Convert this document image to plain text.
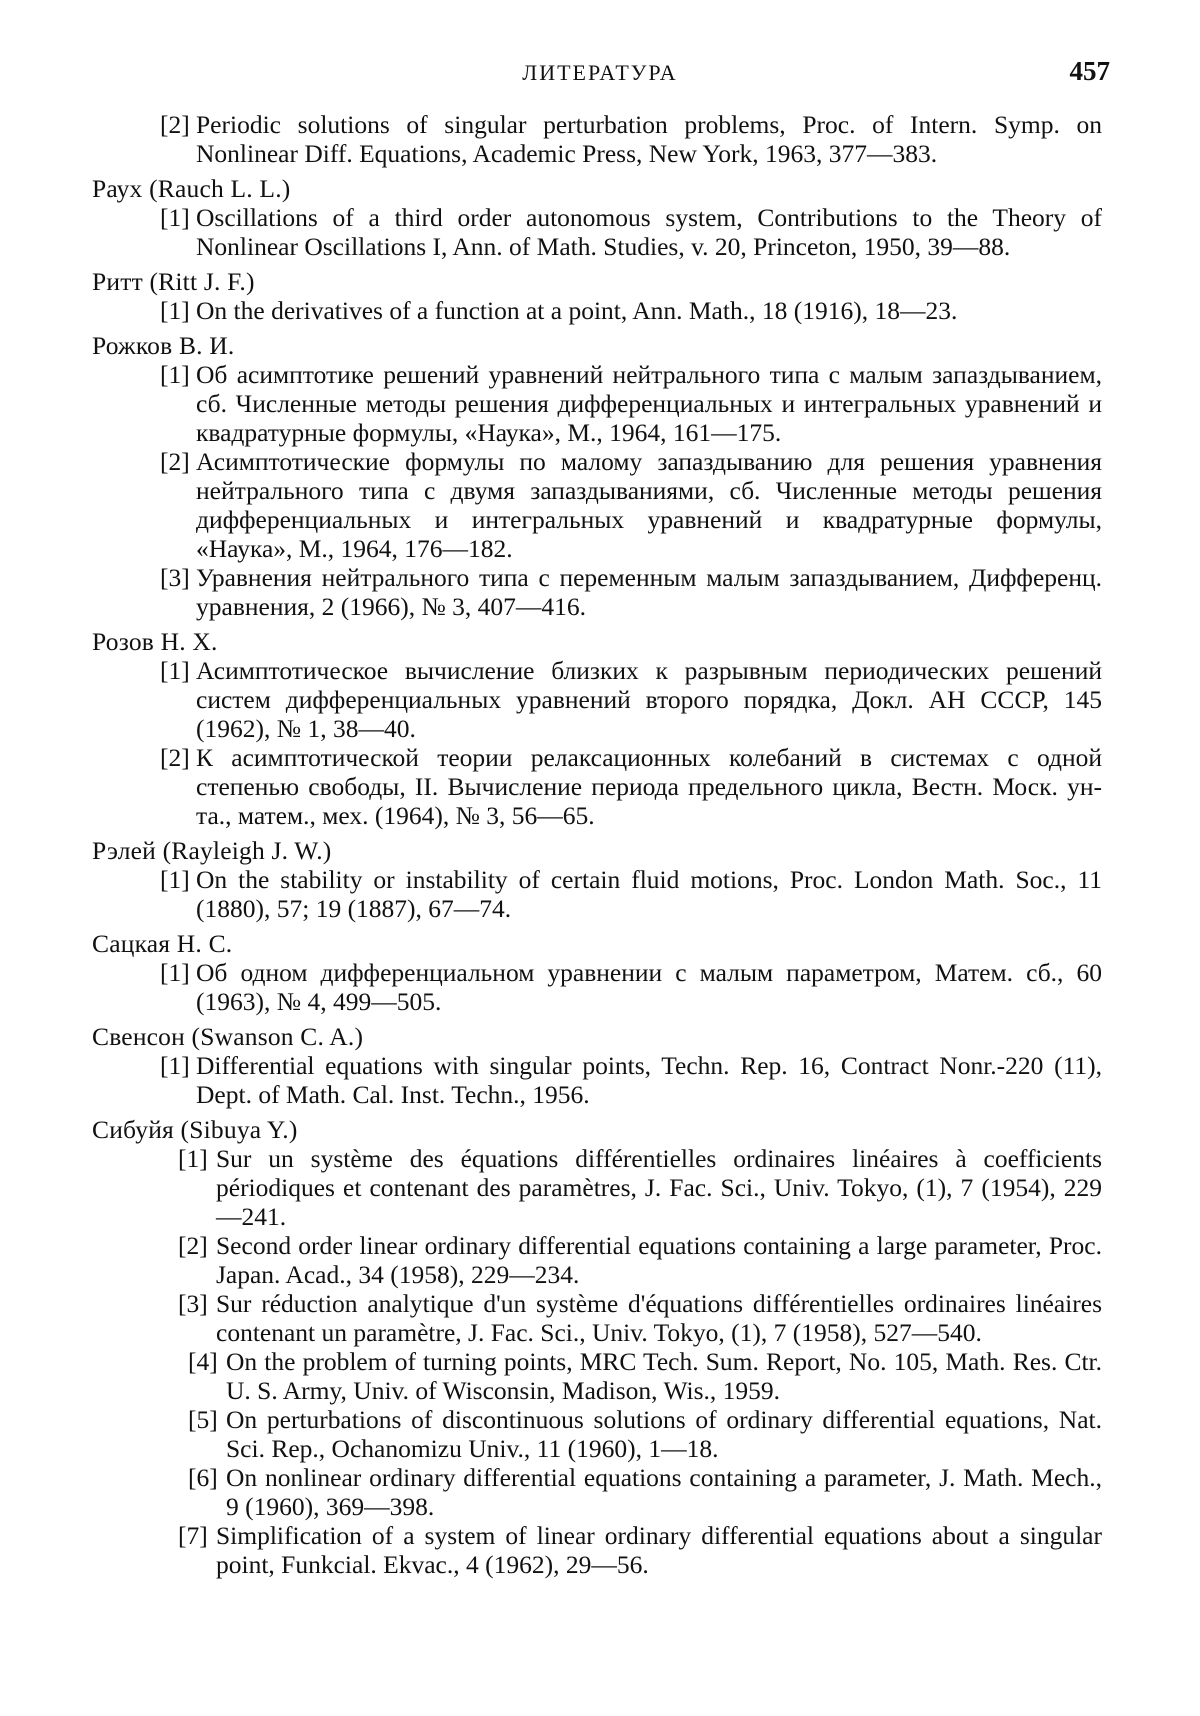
ЛИТЕРАТУРА	457

[2] Periodic solutions of singular perturbation problems, Proc. of Intern. Symp. on Nonlinear Diff. Equations, Academic Press, New York, 1963, 377—383.

Раух (Rauch L. L.)

[1] Oscillations of a third order autonomous system, Contributions to the Theory of Nonlinear Oscillations I, Ann. of Math. Studies, v. 20, Princeton, 1950, 39—88.

Ритт (Ritt J. F.)

[1] On the derivatives of a function at a point, Ann. Math., 18 (1916), 18—23.

Рожков В. И.

[1] Об асимптотике решений уравнений нейтрального типа с малым запаздыванием, сб. Численные методы решения дифференциальных и интегральных уравнений и квадратурные формулы, «Наука», М., 1964, 161—175.

[2] Асимптотические формулы по малому запаздыванию для решения уравнения нейтрального типа с двумя запаздываниями, сб. Численные методы решения дифференциальных и интегральных уравнений и квадратурные формулы, «Наука», М., 1964, 176—182.

[3] Уравнения нейтрального типа с переменным малым запаздыванием, Дифференц. уравнения, 2 (1966), № 3, 407—416.

Розов Н. Х.

[1] Асимптотическое вычисление близких к разрывным периодических решений систем дифференциальных уравнений второго порядка, Докл. АН СССР, 145 (1962), № 1, 38—40.

[2] К асимптотической теории релаксационных колебаний в системах с одной степенью свободы, II. Вычисление периода предельного цикла, Вестн. Моск. ун-та., матем., мех. (1964), № 3, 56—65.

Рэлей (Rayleigh J. W.)

[1] On the stability or instability of certain fluid motions, Proc. London Math. Soc., 11 (1880), 57; 19 (1887), 67—74.

Сацкая Н. С.

[1] Об одном дифференциальном уравнении с малым параметром, Матем. сб., 60 (1963), № 4, 499—505.

Свенсон (Swanson C. A.)

[1] Differential equations with singular points, Techn. Rep. 16, Contract Nonr.-220 (11), Dept. of Math. Cal. Inst. Techn., 1956.

Сибуйя (Sibuya Y.)

[1] Sur un système des équations différentielles ordinaires linéaires à coefficients périodiques et contenant des paramètres, J. Fac. Sci., Univ. Tokyo, (1), 7 (1954), 229—241.

[2] Second order linear ordinary differential equations containing a large parameter, Proc. Japan. Acad., 34 (1958), 229—234.

[3] Sur réduction analytique d'un système d'équations différentielles ordinaires linéaires contenant un paramètre, J. Fac. Sci., Univ. Tokyo, (1), 7 (1958), 527—540.

[4] On the problem of turning points, MRC Tech. Sum. Report, No. 105, Math. Res. Ctr. U. S. Army, Univ. of Wisconsin, Madison, Wis., 1959.

[5] On perturbations of discontinuous solutions of ordinary differential equations, Nat. Sci. Rep., Ochanomizu Univ., 11 (1960), 1—18.

[6] On nonlinear ordinary differential equations containing a parameter, J. Math. Mech., 9 (1960), 369—398.

[7] Simplification of a system of linear ordinary differential equations about a singular point, Funkcial. Ekvac., 4 (1962), 29—56.
